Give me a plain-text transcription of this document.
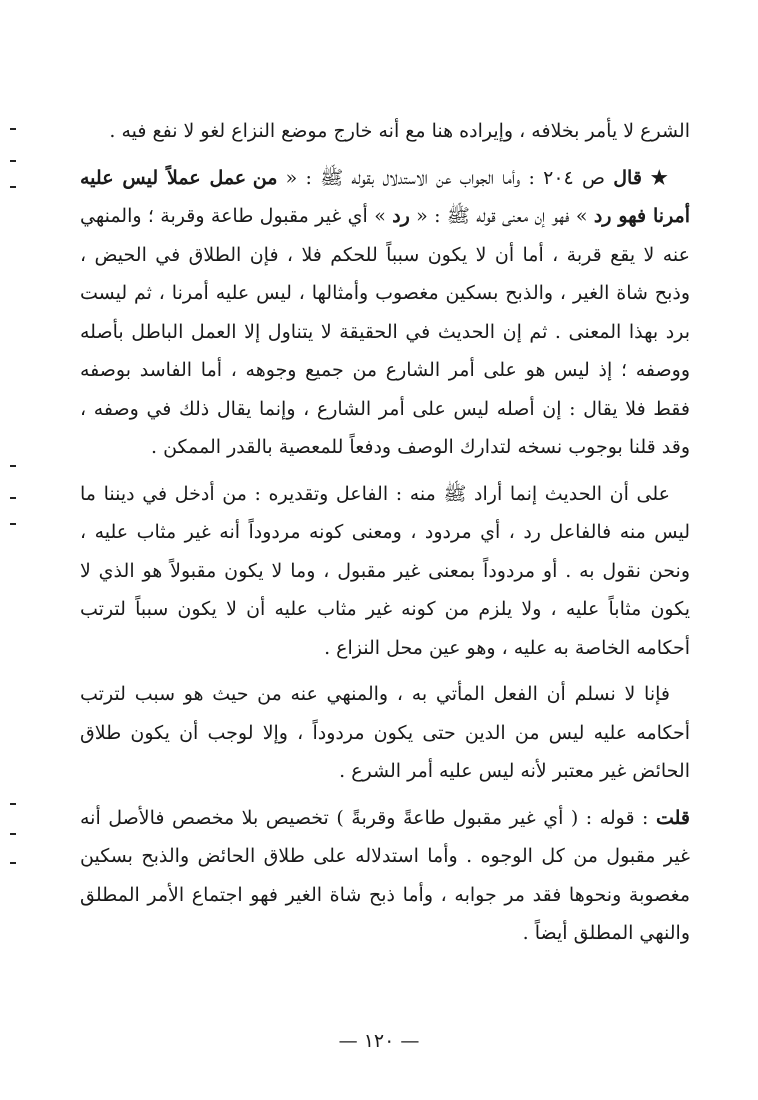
الشرع لا يأمر بخلافه ، وإيراده هنا مع أنه خارج موضع النزاع لغو لا نفع فيه .

★ قال ص ٢٠٤ : وأما الجواب عن الاستدلال بقوله ﷺ : « من عمل عملاً ليس عليه أمرنا فهو رد » فهو إن معنى قوله ﷺ : « رد » أي غير مقبول طاعة وقربة ؛ والمنهي عنه لا يقع قربة ، أما أن لا يكون سبباً للحكم فلا ، فإن الطلاق في الحيض ، وذبح شاة الغير ، والذبح بسكين مغصوب وأمثالها ، ليس عليه أمرنا ، ثم ليست برد بهذا المعنى . ثم إن الحديث في الحقيقة لا يتناول إلا العمل الباطل بأصله ووصفه ؛ إذ ليس هو على أمر الشارع من جميع وجوهه ، أما الفاسد بوصفه فقط فلا يقال : إن أصله ليس على أمر الشارع ، وإنما يقال ذلك في وصفه ، وقد قلنا بوجوب نسخه لتدارك الوصف ودفعاً للمعصية بالقدر الممكن .

على أن الحديث إنما أراد ﷺ منه : الفاعل وتقديره : من أدخل في ديننا ما ليس منه فالفاعل رد ، أي مردود ، ومعنى كونه مردوداً أنه غير مثاب عليه ، ونحن نقول به . أو مردوداً بمعنى غير مقبول ، وما لا يكون مقبولاً هو الذي لا يكون مثاباً عليه ، ولا يلزم من كونه غير مثاب عليه أن لا يكون سبباً لترتب أحكامه الخاصة به عليه ، وهو عين محل النزاع .

فإنا لا نسلم أن الفعل المأتي به ، والمنهي عنه من حيث هو سبب لترتب أحكامه عليه ليس من الدين حتى يكون مردوداً ، وإلا لوجب أن يكون طلاق الحائض غير معتبر لأنه ليس عليه أمر الشرع .

قلت : قوله : ( أي غير مقبول طاعةً وقربةً ) تخصيص بلا مخصص فالأصل أنه غير مقبول من كل الوجوه . وأما استدلاله على طلاق الحائض والذبح بسكين مغصوبة ونحوها فقد مر جوابه ، وأما ذبح شاة الغير فهو اجتماع الأمر المطلق والنهي المطلق أيضاً .

— ١٢٠ —
